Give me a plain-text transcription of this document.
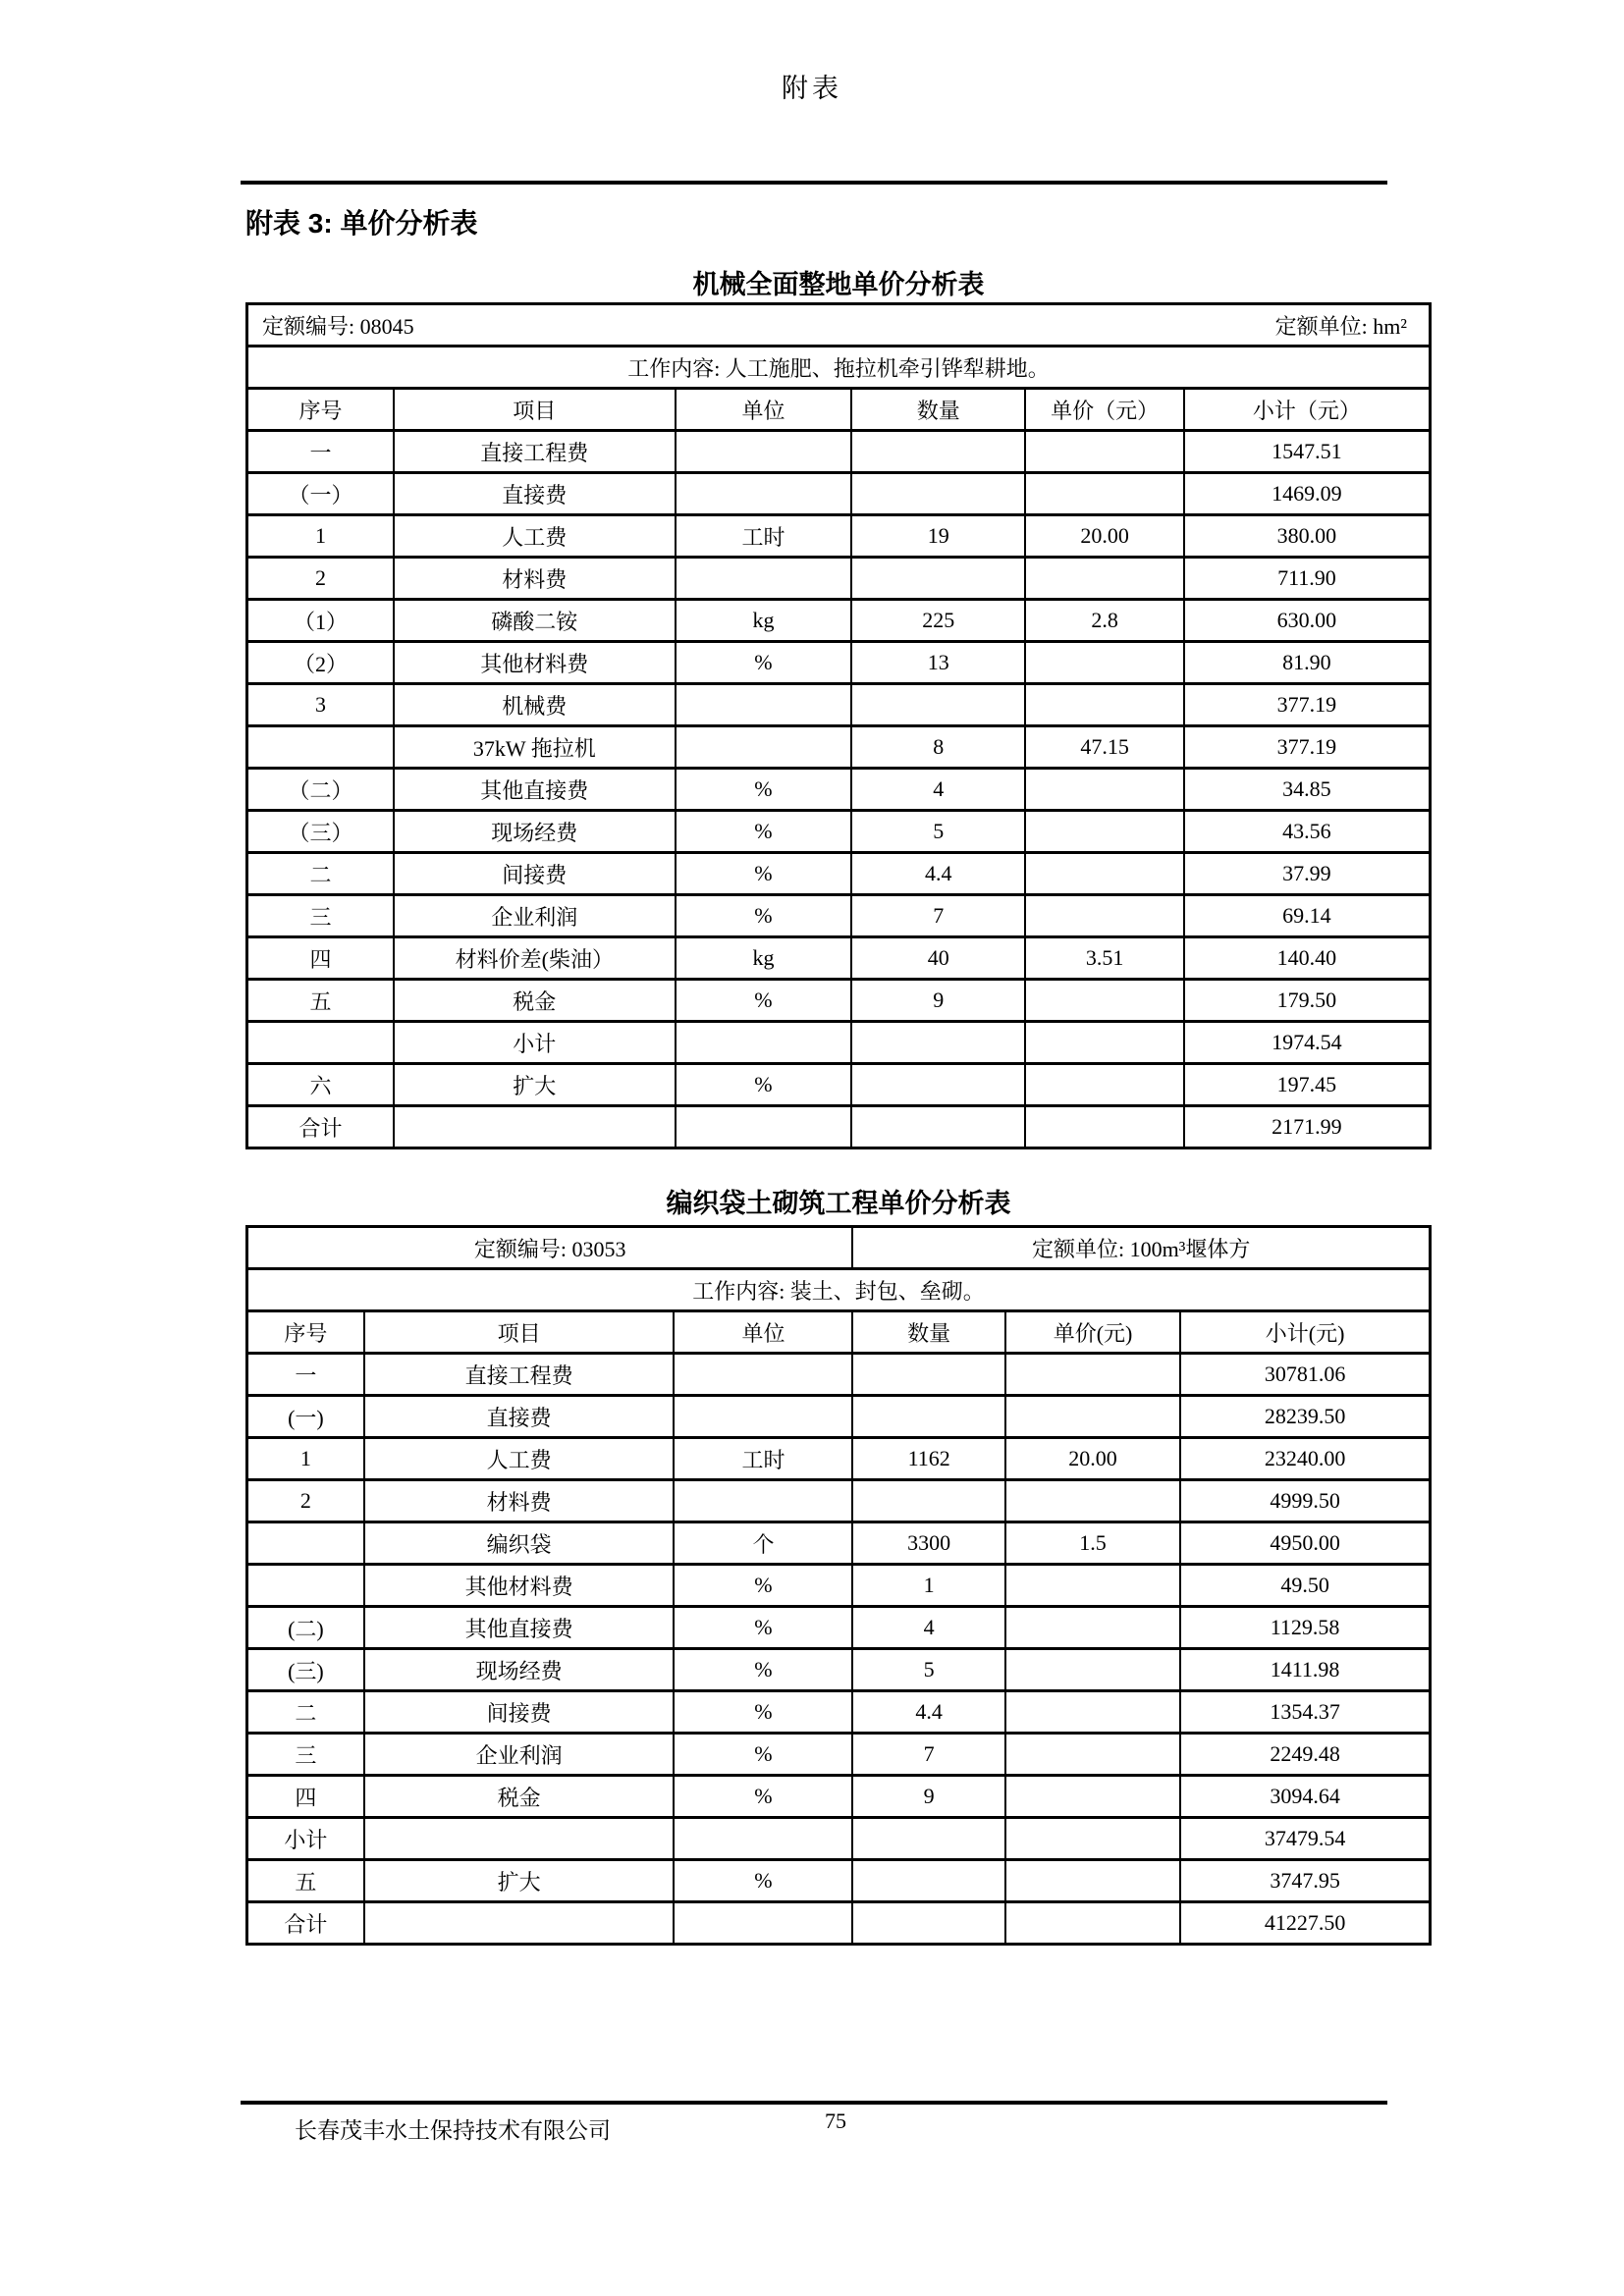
附表
附表 3: 单价分析表
机械全面整地单价分析表
定额编号: 08045 定额单位: hm²					

工作内容: 人工施肥、拖拉机牵引铧犁耕地。					
序号	项目	单位	数量	单价（元）	小计（元）
一	直接工程费				1547.51
（一）	直接费				1469.09
1	人工费	工时	19	20.00	380.00
2	材料费				711.90
（1）	磷酸二铵	kg	225	2.8	630.00
（2）	其他材料费	%	13		81.90
3	机械费				377.19
	37kW 拖拉机		8	47.15	377.19
（二）	其他直接费	%	4		34.85
（三）	现场经费	%	5		43.56
二	间接费	%	4.4		37.99
三	企业利润	%	7		69.14
四	材料价差(柴油）	kg	40	3.51	140.40
五	税金	%	9		179.50
	小计				1974.54
六	扩大	%			197.45
合计					2171.99
编织袋土砌筑工程单价分析表
定额编号: 03053			定额单位: 100m³堰体方		
工作内容: 装土、封包、垒砌。					
序号	项目	单位	数量	单价(元)	小计(元)
一	直接工程费				30781.06
(一)	直接费				28239.50
1	人工费	工时	1162	20.00	23240.00
2	材料费				4999.50
	编织袋	个	3300	1.5	4950.00
	其他材料费	%	1		49.50
(二)	其他直接费	%	4		1129.58
(三)	现场经费	%	5		1411.98
二	间接费	%	4.4		1354.37
三	企业利润	%	7		2249.48
四	税金	%	9		3094.64
小计					37479.54
五	扩大	%			3747.95
合计					41227.50
长春茂丰水土保持技术有限公司	75
